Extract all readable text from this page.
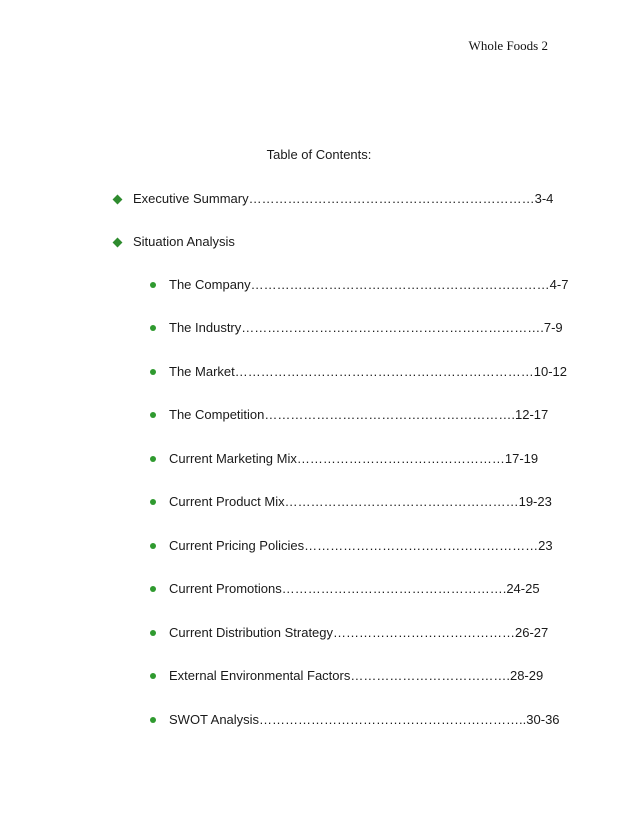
Whole Foods 2
Table of Contents:
Executive Summary…………………………………………………………3-4
Situation Analysis
The Company……………………………………………………………4-7
The Industry…………………………………………………………….7-9
The Market……………………………………………………………10-12
The Competition………………………………………………….12-17
Current Marketing Mix…………………………………………17-19
Current Product Mix………………………………………………19-23
Current Pricing Policies………………………………………………23
Current Promotions…………………………………………….24-25
Current Distribution Strategy……………………………………26-27
External Environmental Factors……………………………….28-29
SWOT Analysis……………………………………………………..30-36
